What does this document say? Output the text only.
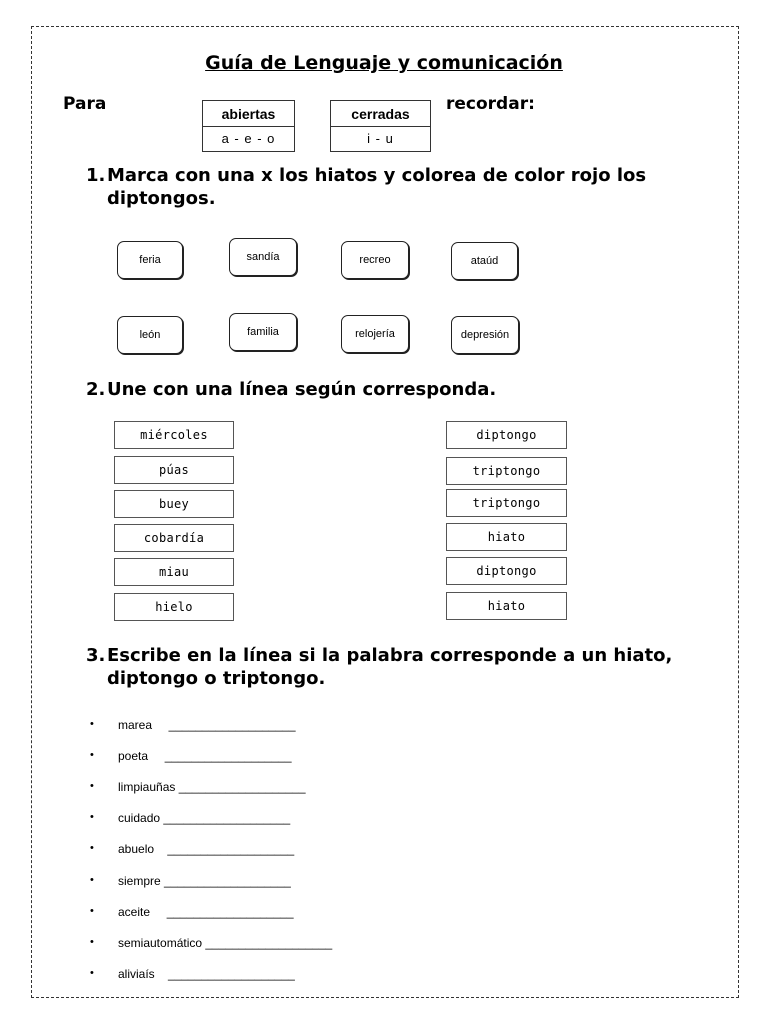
Guía de Lenguaje y comunicación
Para	recordar:
abiertas
a - e - o
cerradas
i - u
1. Marca con una x los hiatos y colorea de color rojo los diptongos.
feria	sandía	recreo	ataúd
león	familia	relojería	depresión
2. Une con una línea según corresponda.
miércoles
púas
buey
cobardía
miau
hielo
diptongo
triptongo
triptongo
hiato
diptongo
hiato
3. Escribe en la línea si la palabra corresponde a un hiato, diptongo o triptongo.
• marea     ___________________
• poeta     ___________________
• limpiauñas ___________________
• cuidado ___________________
• abuelo    ___________________
• siempre ___________________
• aceite     ___________________
• semiautomático ___________________
• aliviaís    ___________________
